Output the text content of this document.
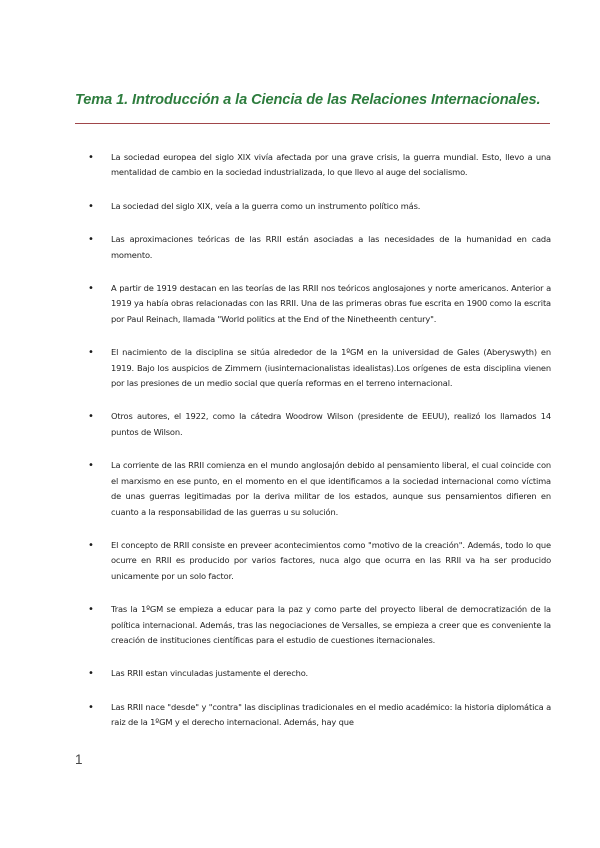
Tema 1. Introducción a la Ciencia de las Relaciones Internacionales.
• La sociedad europea del siglo XIX vivía afectada por una grave crisis, la guerra mundial. Esto, llevo a una mentalidad de cambio en la sociedad industrializada, lo que llevo al auge del socialismo.
• La sociedad del siglo XIX, veía a la guerra como un instrumento político más.
• Las aproximaciones teóricas de las RRII están asociadas a las necesidades de la humanidad en cada momento.
• A partir de 1919 destacan en las teorías de las RRII nos teóricos anglosajones y norte americanos. Anterior a 1919 ya había obras relacionadas con las RRII. Una de las primeras obras fue escrita en 1900 como la escrita por Paul Reinach, llamada "World politics at the End of the Ninetheenth century".
• El nacimiento de la disciplina se sitúa alrededor de la 1ºGM en la universidad de Gales (Aberyswyth) en 1919. Bajo los auspicios de Zimmern (iusinternacionalistas idealistas).Los orígenes de esta disciplina vienen por las presiones de un medio social que quería reformas en el terreno internacional.
• Otros autores, el 1922, como la cátedra Woodrow Wilson (presidente de EEUU), realizó los llamados 14 puntos de Wilson.
• La corriente de las RRII comienza en el mundo anglosajón debido al pensamiento liberal, el cual coincide con el marxismo en ese punto, en el momento en el que identificamos a la sociedad internacional como víctima de unas guerras legitimadas por la deriva militar de los estados, aunque sus pensamientos difieren en cuanto a la responsabilidad de las guerras u su solución.
• El concepto de RRII consiste en preveer acontecimientos como "motivo de la creación". Además, todo lo que ocurre en RRII es producido por varios factores, nuca algo que ocurra en las RRII va ha ser producido unicamente por un solo factor.
• Tras la 1ºGM se empieza a educar para la paz y como parte del proyecto liberal de democratización de la política internacional. Además, tras las negociaciones de Versalles, se empieza a creer que es conveniente la creación de instituciones científicas para el estudio de cuestiones iternacionales.
• Las RRII estan vinculadas justamente el derecho.
• Las RRII nace "desde" y "contra" las disciplinas tradicionales en el medio académico: la historia diplomática a raiz de la 1ºGM y el derecho internacional. Además, hay que
1
